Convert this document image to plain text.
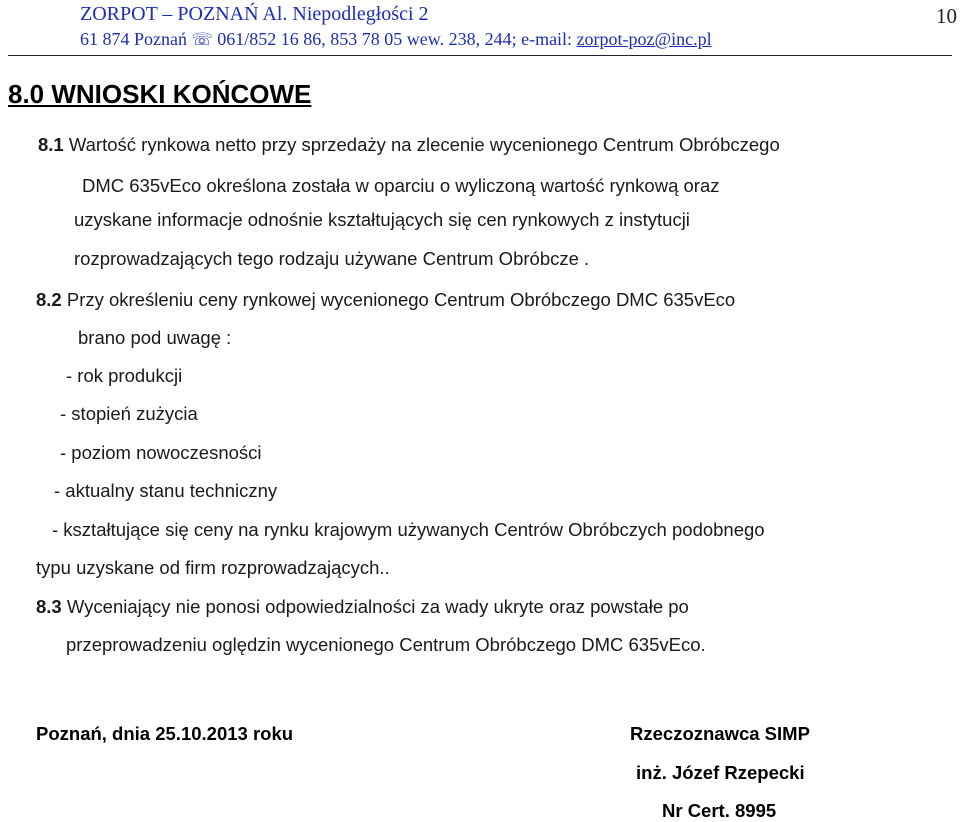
ZORPOT – POZNAŃ Al. Niepodległości 2
61 874 Poznań ☏ 061/852 16 86, 853 78 05 wew. 238, 244; e-mail: zorpot-poz@inc.pl
10
8.0 WNIOSKI KOŃCOWE
8.1 Wartość rynkowa netto przy sprzedaży na zlecenie wycenionego Centrum Obróbczego
DMC 635vEco określona została w oparciu o wyliczoną wartość rynkową oraz
uzyskane informacje odnośnie kształtujących się cen rynkowych z instytucji
rozprowadzających tego rodzaju używane Centrum Obróbcze .
8.2 Przy określeniu ceny rynkowej wycenionego Centrum Obróbczego DMC 635vEco
brano pod uwagę :
- rok produkcji
- stopień zużycia
- poziom nowoczesności
- aktualny stanu techniczny
- kształtujące się ceny na rynku krajowym używanych Centrów Obróbczych podobnego
typu uzyskane od firm rozprowadzających..
8.3 Wyceniający nie ponosi odpowiedzialności za wady ukryte oraz powstałe po
przeprowadzeniu oględzin wycenionego Centrum Obróbczego DMC 635vEco.
Poznań, dnia 25.10.2013 roku	Rzeczoznawca SIMP
inż. Józef Rzepecki
Nr Cert. 8995
